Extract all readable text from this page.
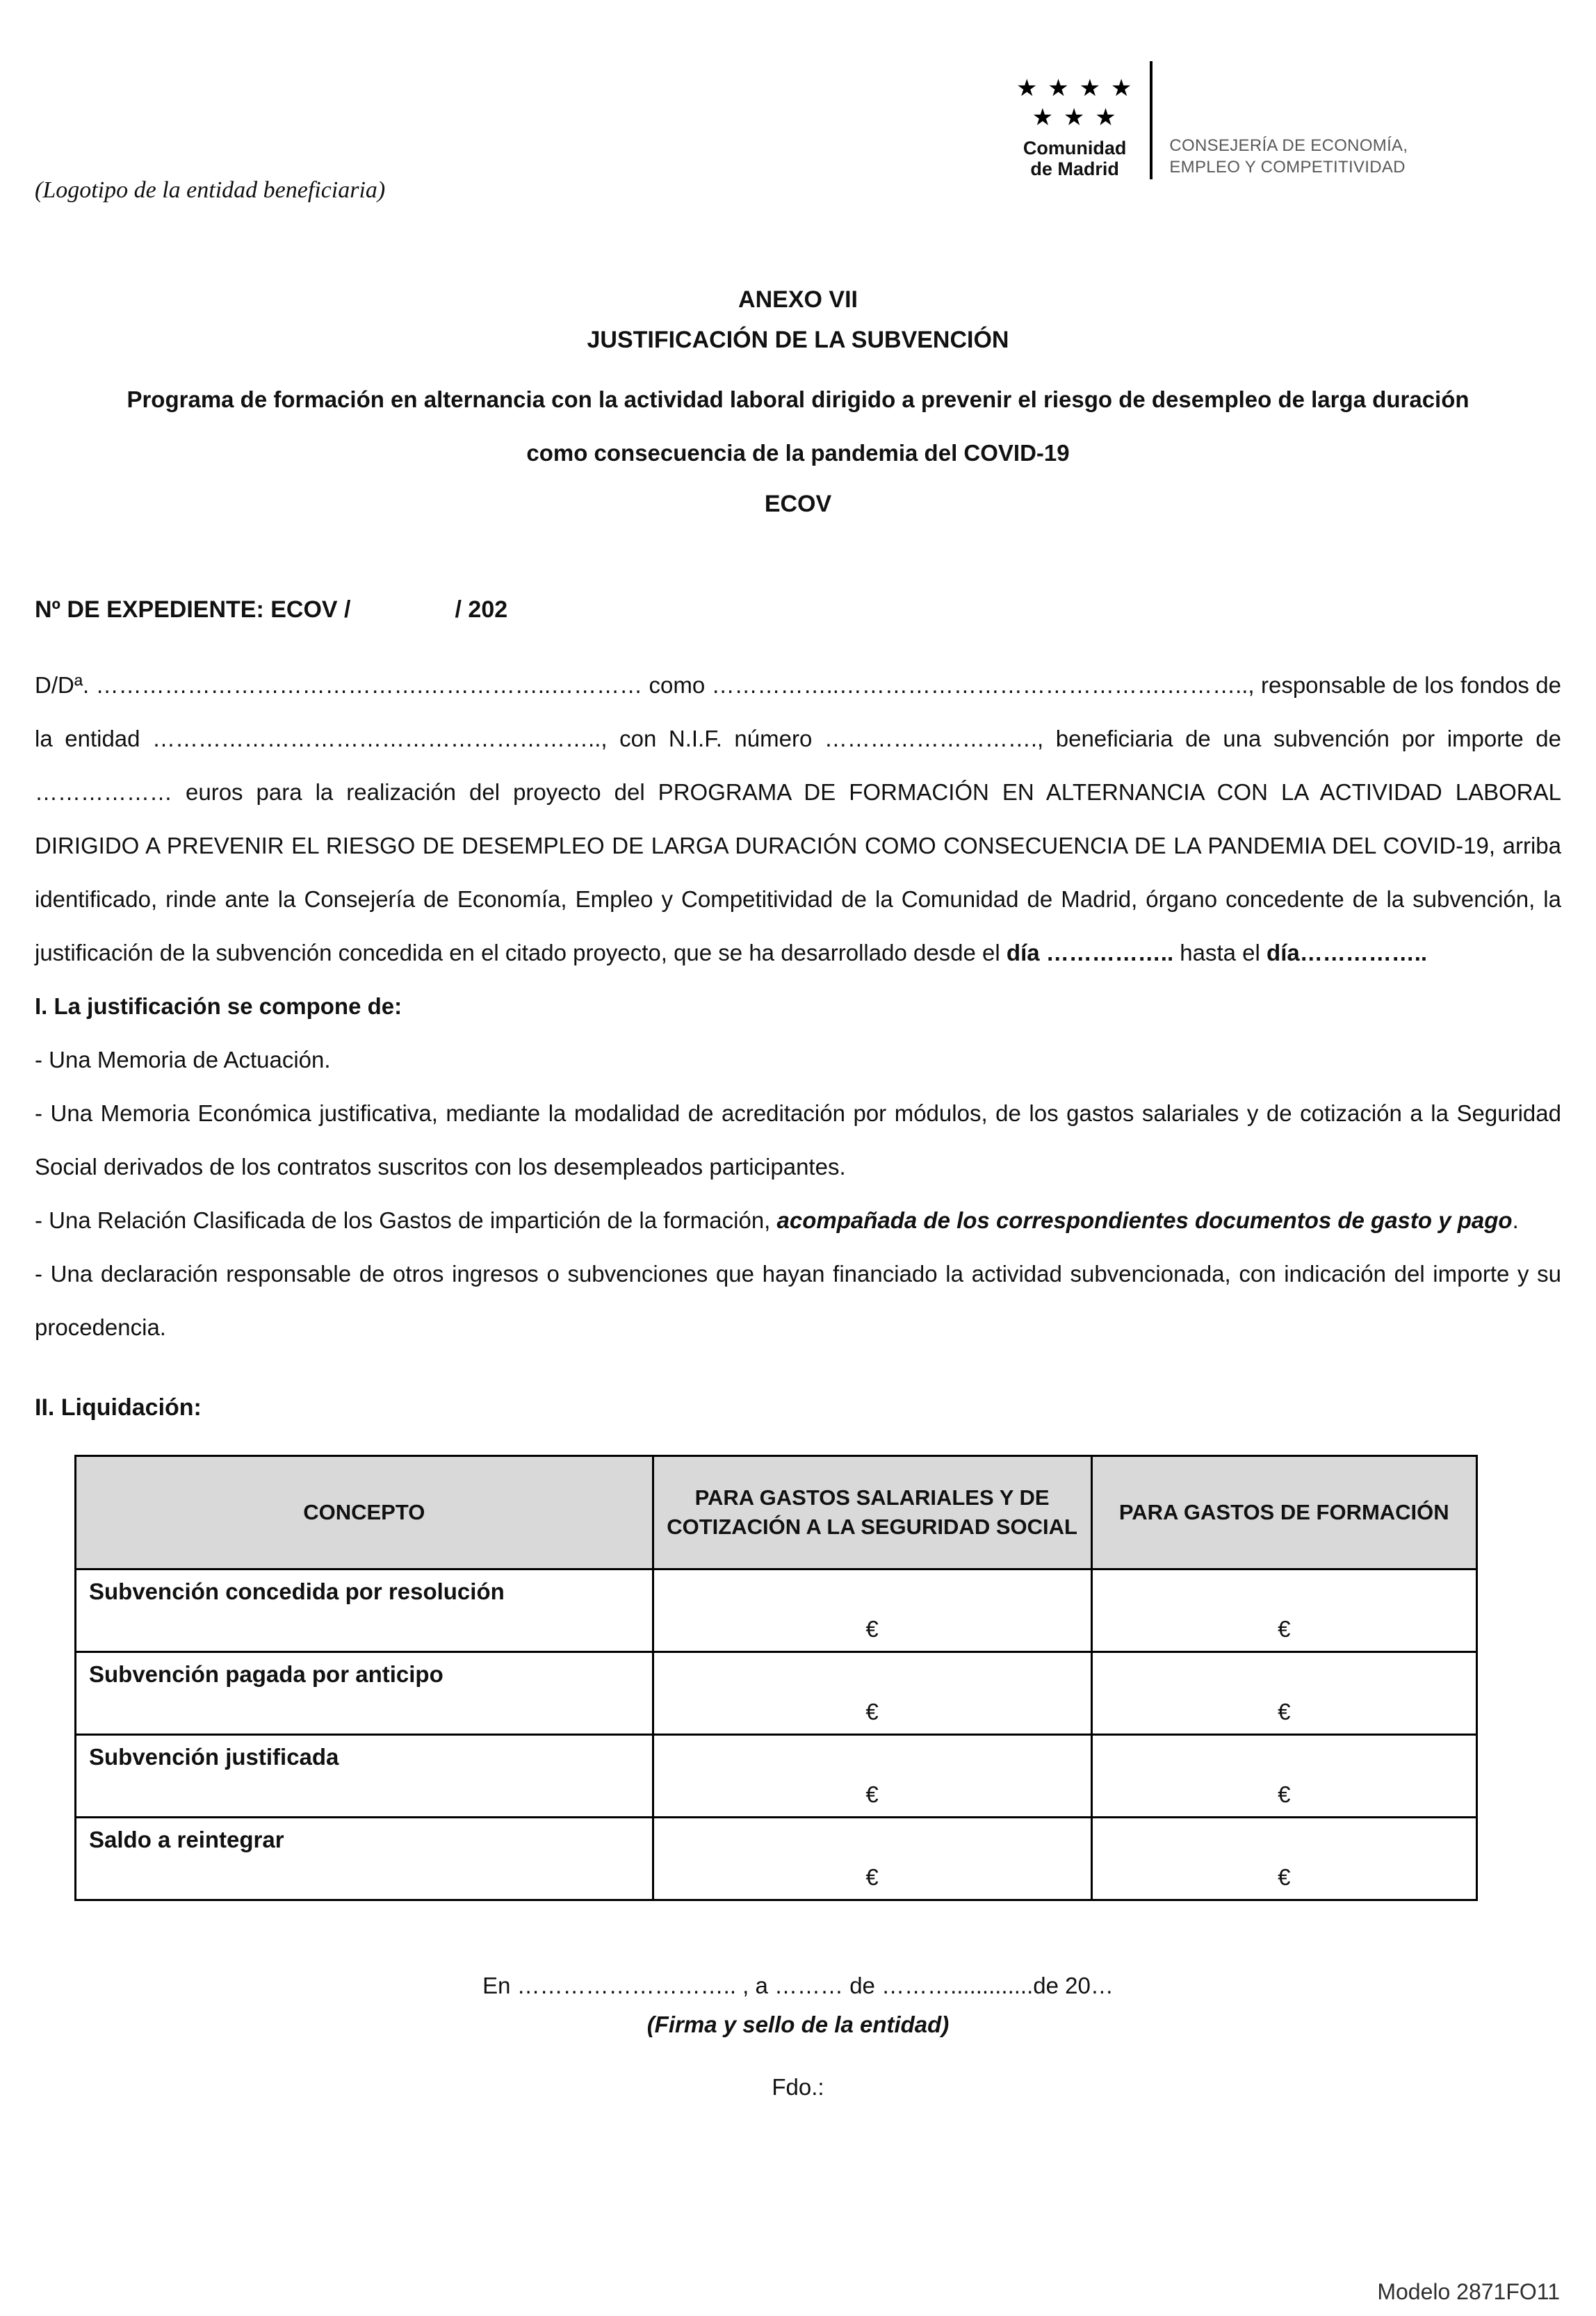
★ ★ ★ ★
★ ★ ★
Comunidad
de Madrid
CONSEJERÍA DE ECONOMÍA,
EMPLEO Y COMPETITIVIDAD
(Logotipo de la entidad beneficiaria)
ANEXO VII
JUSTIFICACIÓN DE LA SUBVENCIÓN
Programa de formación en alternancia con la actividad laboral dirigido a prevenir el riesgo de desempleo de larga duración
como consecuencia de la pandemia del COVID-19
ECOV

Nº DE EXPEDIENTE: ECOV /	/ 202

D/Dª. …………………………………….……………..………… como ……………..…………………………………….……….., responsable de los fondos de la entidad ………………………………………………….., con N.I.F. número ………………………., beneficiaria de una subvención por importe de ……………… euros para la realización del proyecto del PROGRAMA DE FORMACIÓN EN ALTERNANCIA CON LA ACTIVIDAD LABORAL DIRIGIDO A PREVENIR EL RIESGO DE DESEMPLEO DE LARGA DURACIÓN COMO CONSECUENCIA DE LA PANDEMIA DEL COVID-19, arriba identificado, rinde ante la Consejería de Economía, Empleo y Competitividad de la Comunidad de Madrid, órgano concedente de la subvención, la justificación de la subvención concedida en el citado proyecto, que se ha desarrollado desde el día …………….. hasta el día……………..

I. La justificación se compone de:

- Una Memoria de Actuación.

- Una Memoria Económica justificativa, mediante la modalidad de acreditación por módulos, de los gastos salariales y de cotización a la Seguridad Social derivados de los contratos suscritos con los desempleados participantes.

- Una Relación Clasificada de los Gastos de impartición de la formación, acompañada de los correspondientes documentos de gasto y pago.

- Una declaración responsable de otros ingresos o subvenciones que hayan financiado la actividad subvencionada, con indicación del importe y su procedencia.

II. Liquidación:

CONCEPTO	PARA GASTOS SALARIALES Y DE COTIZACIÓN A LA SEGURIDAD SOCIAL	PARA GASTOS DE FORMACIÓN
Subvención concedida por resolución	€	€
Subvención pagada por anticipo	€	€
Subvención justificada	€	€
Saldo a reintegrar	€	€
En ……………………….. , a ……… de ……….............de 20…
(Firma y sello de la entidad)
Fdo.:
Modelo 2871FO11
